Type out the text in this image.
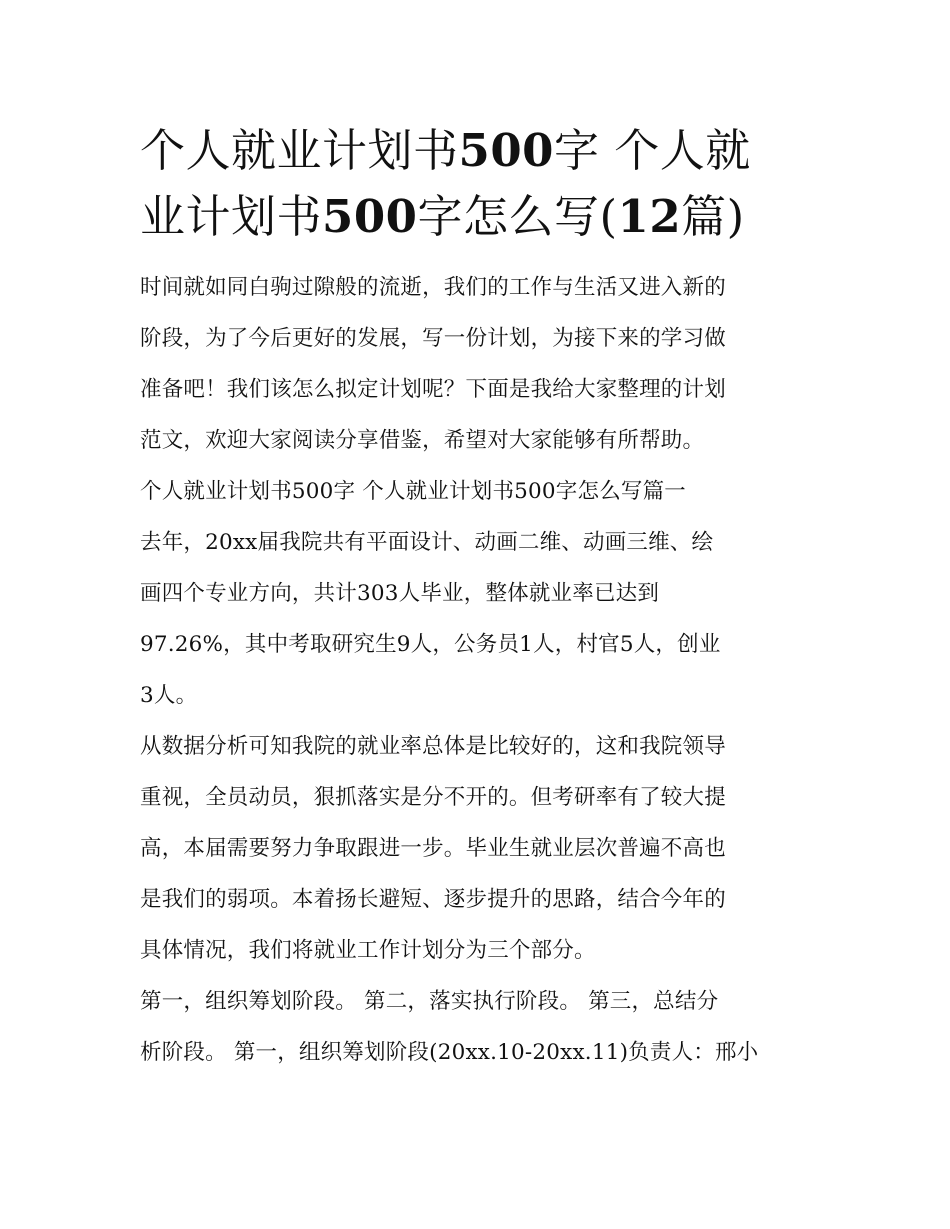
个人就业计划书500字 个人就
业计划书500字怎么写(12篇)

时间就如同白驹过隙般的流逝，我们的工作与生活又进入新的
阶段，为了今后更好的发展，写一份计划，为接下来的学习做
准备吧！我们该怎么拟定计划呢？下面是我给大家整理的计划
范文，欢迎大家阅读分享借鉴，希望对大家能够有所帮助。

个人就业计划书500字 个人就业计划书500字怎么写篇一

去年，20xx届我院共有平面设计、动画二维、动画三维、绘
画四个专业方向，共计303人毕业，整体就业率已达到
97.26%，其中考取研究生9人，公务员1人，村官5人，创业
3人。

从数据分析可知我院的就业率总体是比较好的，这和我院领导
重视，全员动员，狠抓落实是分不开的。但考研率有了较大提
高，本届需要努力争取跟进一步。毕业生就业层次普遍不高也
是我们的弱项。本着扬长避短、逐步提升的思路，结合今年的
具体情况，我们将就业工作计划分为三个部分。

第一，组织筹划阶段。 第二，落实执行阶段。 第三，总结分
析阶段。 第一，组织筹划阶段(20xx.10-20xx.11)负责人：邢小
